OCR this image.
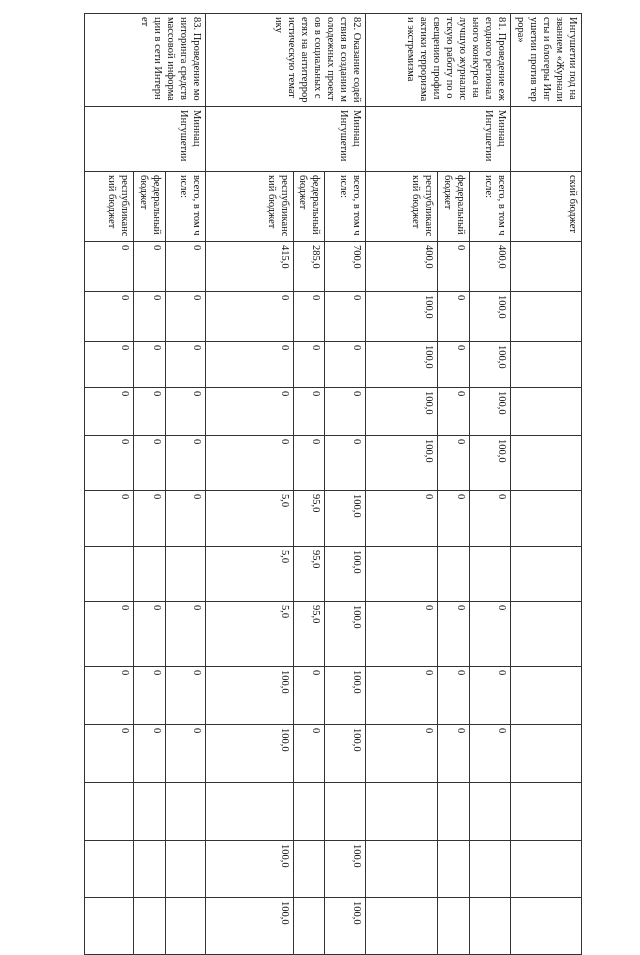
Ингушетии под названием «Журналисты и блогеры Ингушетии против террора»		ский бюджет													
81. Проведение ежегодного регионального конкурса на лучшую журналистскую работу по освещению профилактики терроризма и экстремизма	Миннац Ингушетии	всего, в том числе:	400,0	100,0	100,0	100,0	100,0	0		0	0	0			
		федеральный бюджет	0	0	0	0	0	0		0	0	0			
		республиканский бюджет	400,0	100,0	100,0	100,0	100,0	0		0	0	0			
82. Оказание содействия в создании молодежных проектов в социальных сетях на антитеррористическую тематику	Миннац Ингушетии	всего, в том числе:	700,0	0	0	0	0	100,0	100,0	100,0	100,0	100,0		100,0	100,0
		федеральный бюджет	285,0	0	0	0	0	95,0	95,0	95,0	0	0			
		республиканский бюджет	415,0	0	0	0	0	5,0	5,0	5,0	100,0	100,0		100,0	100,0
83. Проведение мониторинга средств массовой информации в сети Интернет	Миннац Ингушетии	всего, в том числе:	0	0	0	0	0	0		0	0	0			
		федеральный бюджет	0	0	0	0	0	0		0	0	0			
		республиканский бюджет	0	0	0	0	0	0		0	0	0			
